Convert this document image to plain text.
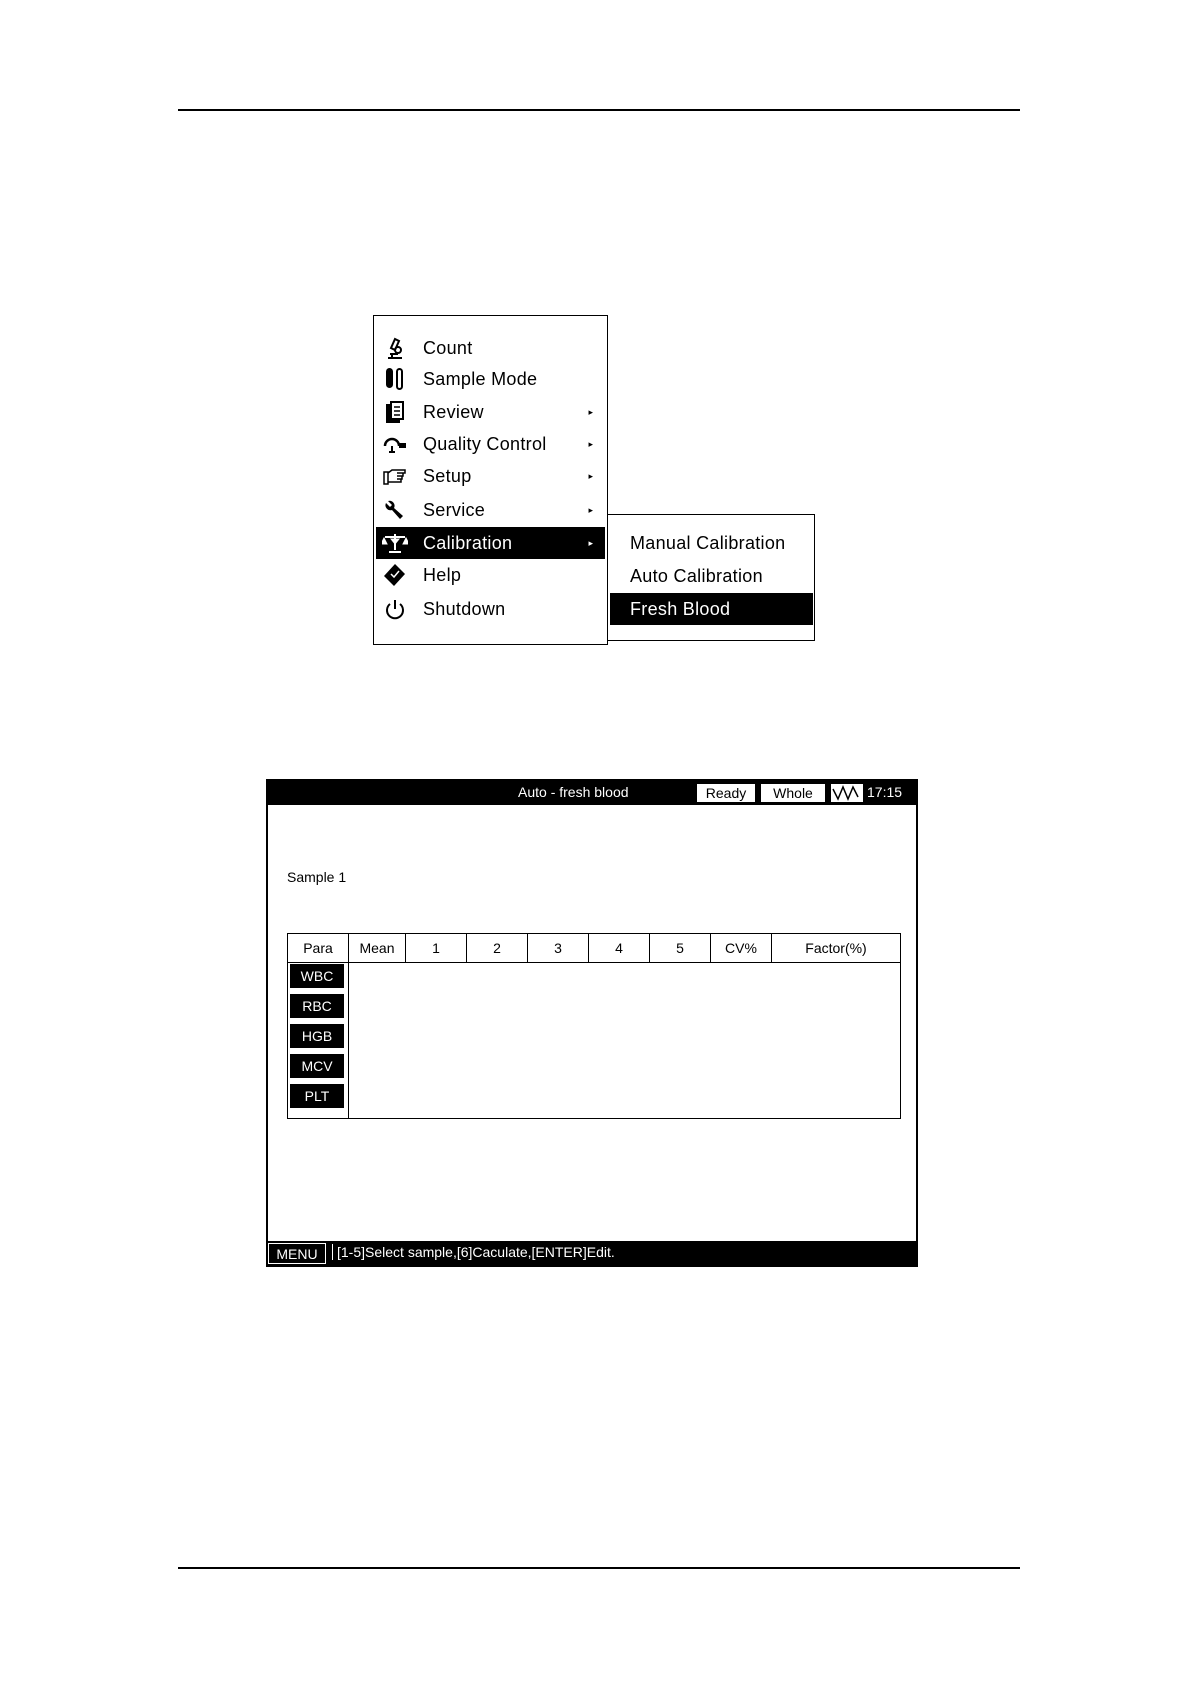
Count
Sample Mode
Review	▸
Quality Control	▸
Setup	▸
Service	▸
Calibration	▸
Help
Shutdown
Manual Calibration
Auto Calibration
Fresh Blood
Auto - fresh blood	Ready	Whole	17:15
Sample 1
Para	Mean	1	2	3	4	5	CV%	Factor(%)
WBC
RBC
HGB
MCV
PLT
MENU	[1-5]Select sample,[6]Caculate,[ENTER]Edit.
